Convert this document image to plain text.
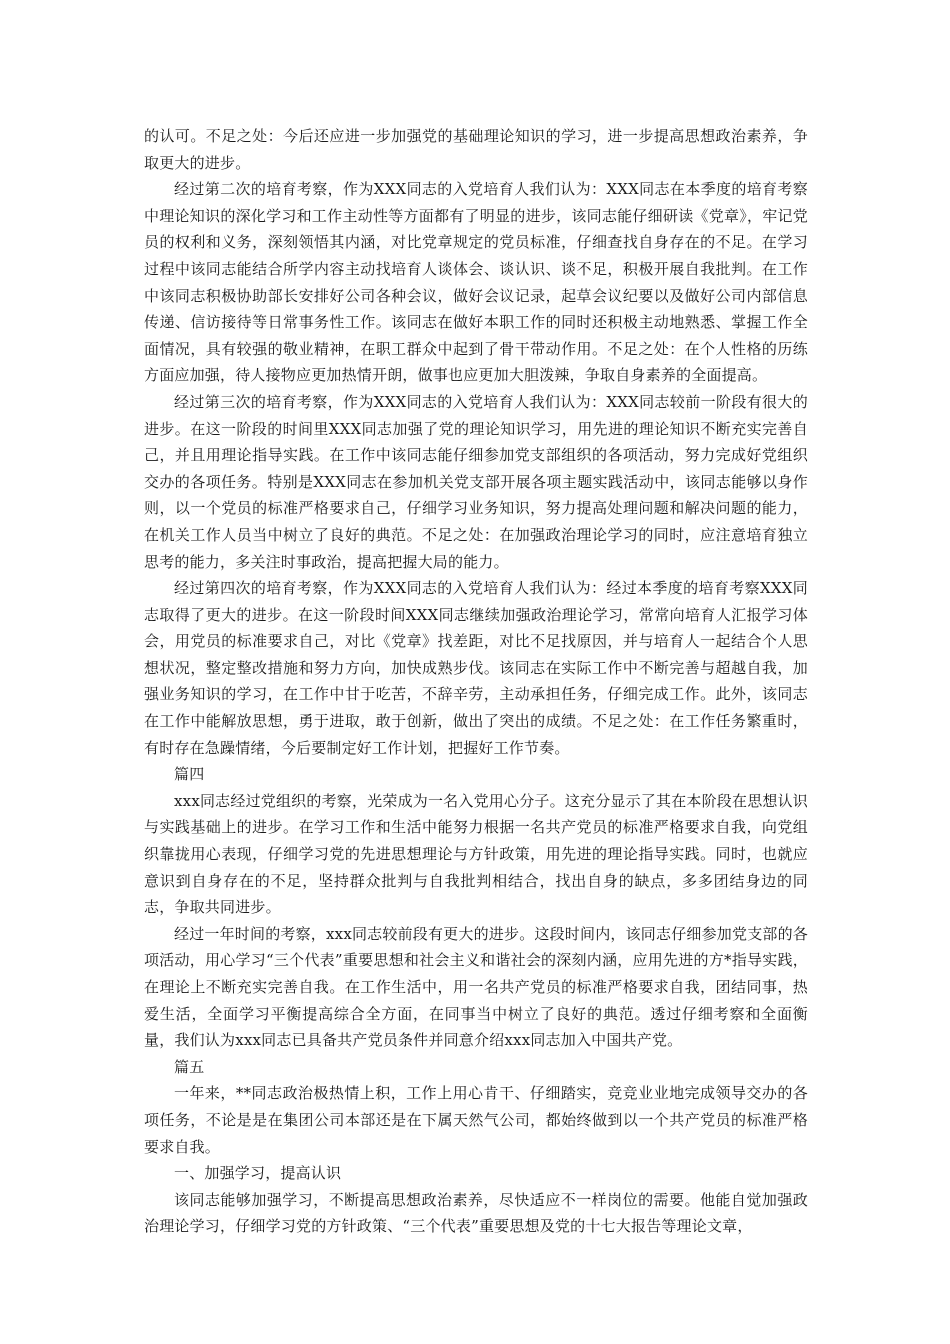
的认可。不足之处：今后还应进一步加强党的基础理论知识的学习，进一步提高思想政治素养，争取更大的进步。

经过第二次的培育考察，作为XXX同志的入党培育人我们认为：XXX同志在本季度的培育考察中理论知识的深化学习和工作主动性等方面都有了明显的进步，该同志能仔细研读《党章》，牢记党员的权利和义务，深刻领悟其内涵，对比党章规定的党员标准，仔细查找自身存在的不足。在学习过程中该同志能结合所学内容主动找培育人谈体会、谈认识、谈不足，积极开展自我批判。在工作中该同志积极协助部长安排好公司各种会议，做好会议记录，起草会议纪要以及做好公司内部信息传递、信访接待等日常事务性工作。该同志在做好本职工作的同时还积极主动地熟悉、掌握工作全面情况，具有较强的敬业精神，在职工群众中起到了骨干带动作用。不足之处：在个人性格的历练方面应加强，待人接物应更加热情开朗，做事也应更加大胆泼辣，争取自身素养的全面提高。

经过第三次的培育考察，作为XXX同志的入党培育人我们认为：XXX同志较前一阶段有很大的进步。在这一阶段的时间里XXX同志加强了党的理论知识学习，用先进的理论知识不断充实完善自己，并且用理论指导实践。在工作中该同志能仔细参加党支部组织的各项活动，努力完成好党组织交办的各项任务。特别是XXX同志在参加机关党支部开展各项主题实践活动中，该同志能够以身作则，以一个党员的标准严格要求自己，仔细学习业务知识，努力提高处理问题和解决问题的能力，在机关工作人员当中树立了良好的典范。不足之处：在加强政治理论学习的同时，应注意培育独立思考的能力，多关注时事政治，提高把握大局的能力。

经过第四次的培育考察，作为XXX同志的入党培育人我们认为：经过本季度的培育考察XXX同志取得了更大的进步。在这一阶段时间XXX同志继续加强政治理论学习，常常向培育人汇报学习体会，用党员的标准要求自己，对比《党章》找差距，对比不足找原因，并与培育人一起结合个人思想状况，整定整改措施和努力方向，加快成熟步伐。该同志在实际工作中不断完善与超越自我，加强业务知识的学习，在工作中甘于吃苦，不辞辛劳，主动承担任务，仔细完成工作。此外，该同志在工作中能解放思想，勇于进取，敢于创新，做出了突出的成绩。不足之处：在工作任务繁重时，有时存在急躁情绪，今后要制定好工作计划，把握好工作节奏。

篇四

xxx同志经过党组织的考察，光荣成为一名入党用心分子。这充分显示了其在本阶段在思想认识与实践基础上的进步。在学习工作和生活中能努力根据一名共产党员的标准严格要求自我，向党组织靠拢用心表现，仔细学习党的先进思想理论与方针政策，用先进的理论指导实践。同时，也就应意识到自身存在的不足，坚持群众批判与自我批判相结合，找出自身的缺点，多多团结身边的同志，争取共同进步。

经过一年时间的考察，xxx同志较前段有更大的进步。这段时间内，该同志仔细参加党支部的各项活动，用心学习“三个代表”重要思想和社会主义和谐社会的深刻内涵，应用先进的方*指导实践，在理论上不断充实完善自我。在工作生活中，用一名共产党员的标准严格要求自我，团结同事，热爱生活，全面学习平衡提高综合全方面，在同事当中树立了良好的典范。透过仔细考察和全面衡量，我们认为xxx同志已具备共产党员条件并同意介绍xxx同志加入中国共产党。

篇五

一年来，**同志政治极热情上积，工作上用心肯干、仔细踏实，竞竞业业地完成领导交办的各项任务，不论是是在集团公司本部还是在下属天然气公司，都始终做到以一个共产党员的标准严格要求自我。

一、加强学习，提高认识

该同志能够加强学习，不断提高思想政治素养，尽快适应不一样岗位的需要。他能自觉加强政治理论学习，仔细学习党的方针政策、“三个代表”重要思想及党的十七大报告等理论文章，
